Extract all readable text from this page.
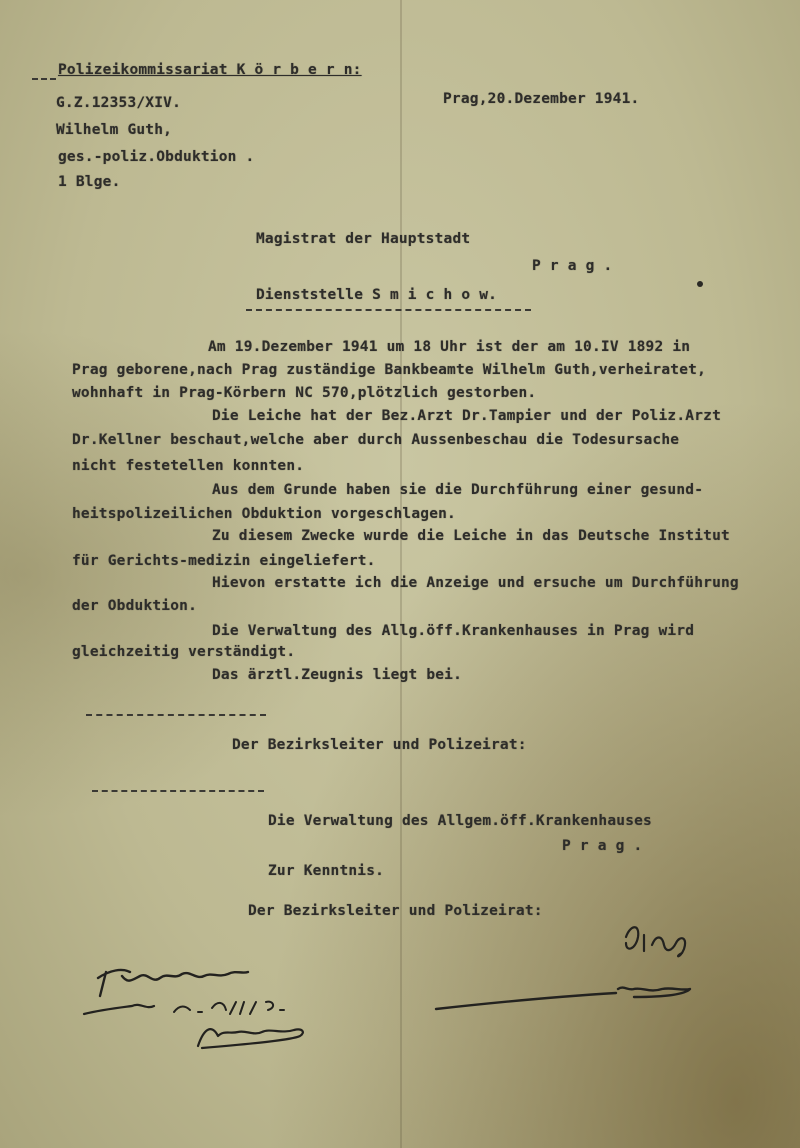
Polizeikommissariat K ö r b e r n:

G.Z.12353/XIV.

Wilhelm Guth,

ges.-poliz.Obduktion .

1 Blge.

Prag,20.Dezember 1941.

Magistrat der Hauptstadt

P r a g .

Dienststelle S m i c h o w.

Am 19.Dezember 1941 um 18 Uhr ist der am 10.IV 1892 in

Prag geborene,nach Prag zuständige Bankbeamte Wilhelm Guth,verheiratet,

wohnhaft in Prag-Körbern NC 570,plötzlich gestorben.

Die Leiche hat der Bez.Arzt Dr.Tampier und der Poliz.Arzt

Dr.Kellner beschaut,welche aber durch Aussenbeschau die Todesursache

nicht festetellen konnten.

Aus dem Grunde haben sie die Durchführung einer gesund-

heitspolizeilichen Obduktion vorgeschlagen.

Zu diesem Zwecke wurde die Leiche in das Deutsche Institut

für Gerichts-medizin eingeliefert.

Hievon erstatte ich die Anzeige und ersuche um Durchführung

der Obduktion.

Die Verwaltung des Allg.öff.Krankenhauses in Prag wird

gleichzeitig verständigt.

Das ärztl.Zeugnis liegt bei.

Der Bezirksleiter und Polizeirat:

Die Verwaltung des Allgem.öff.Krankenhauses

P r a g .

Zur Kenntnis.

Der Bezirksleiter und Polizeirat:
